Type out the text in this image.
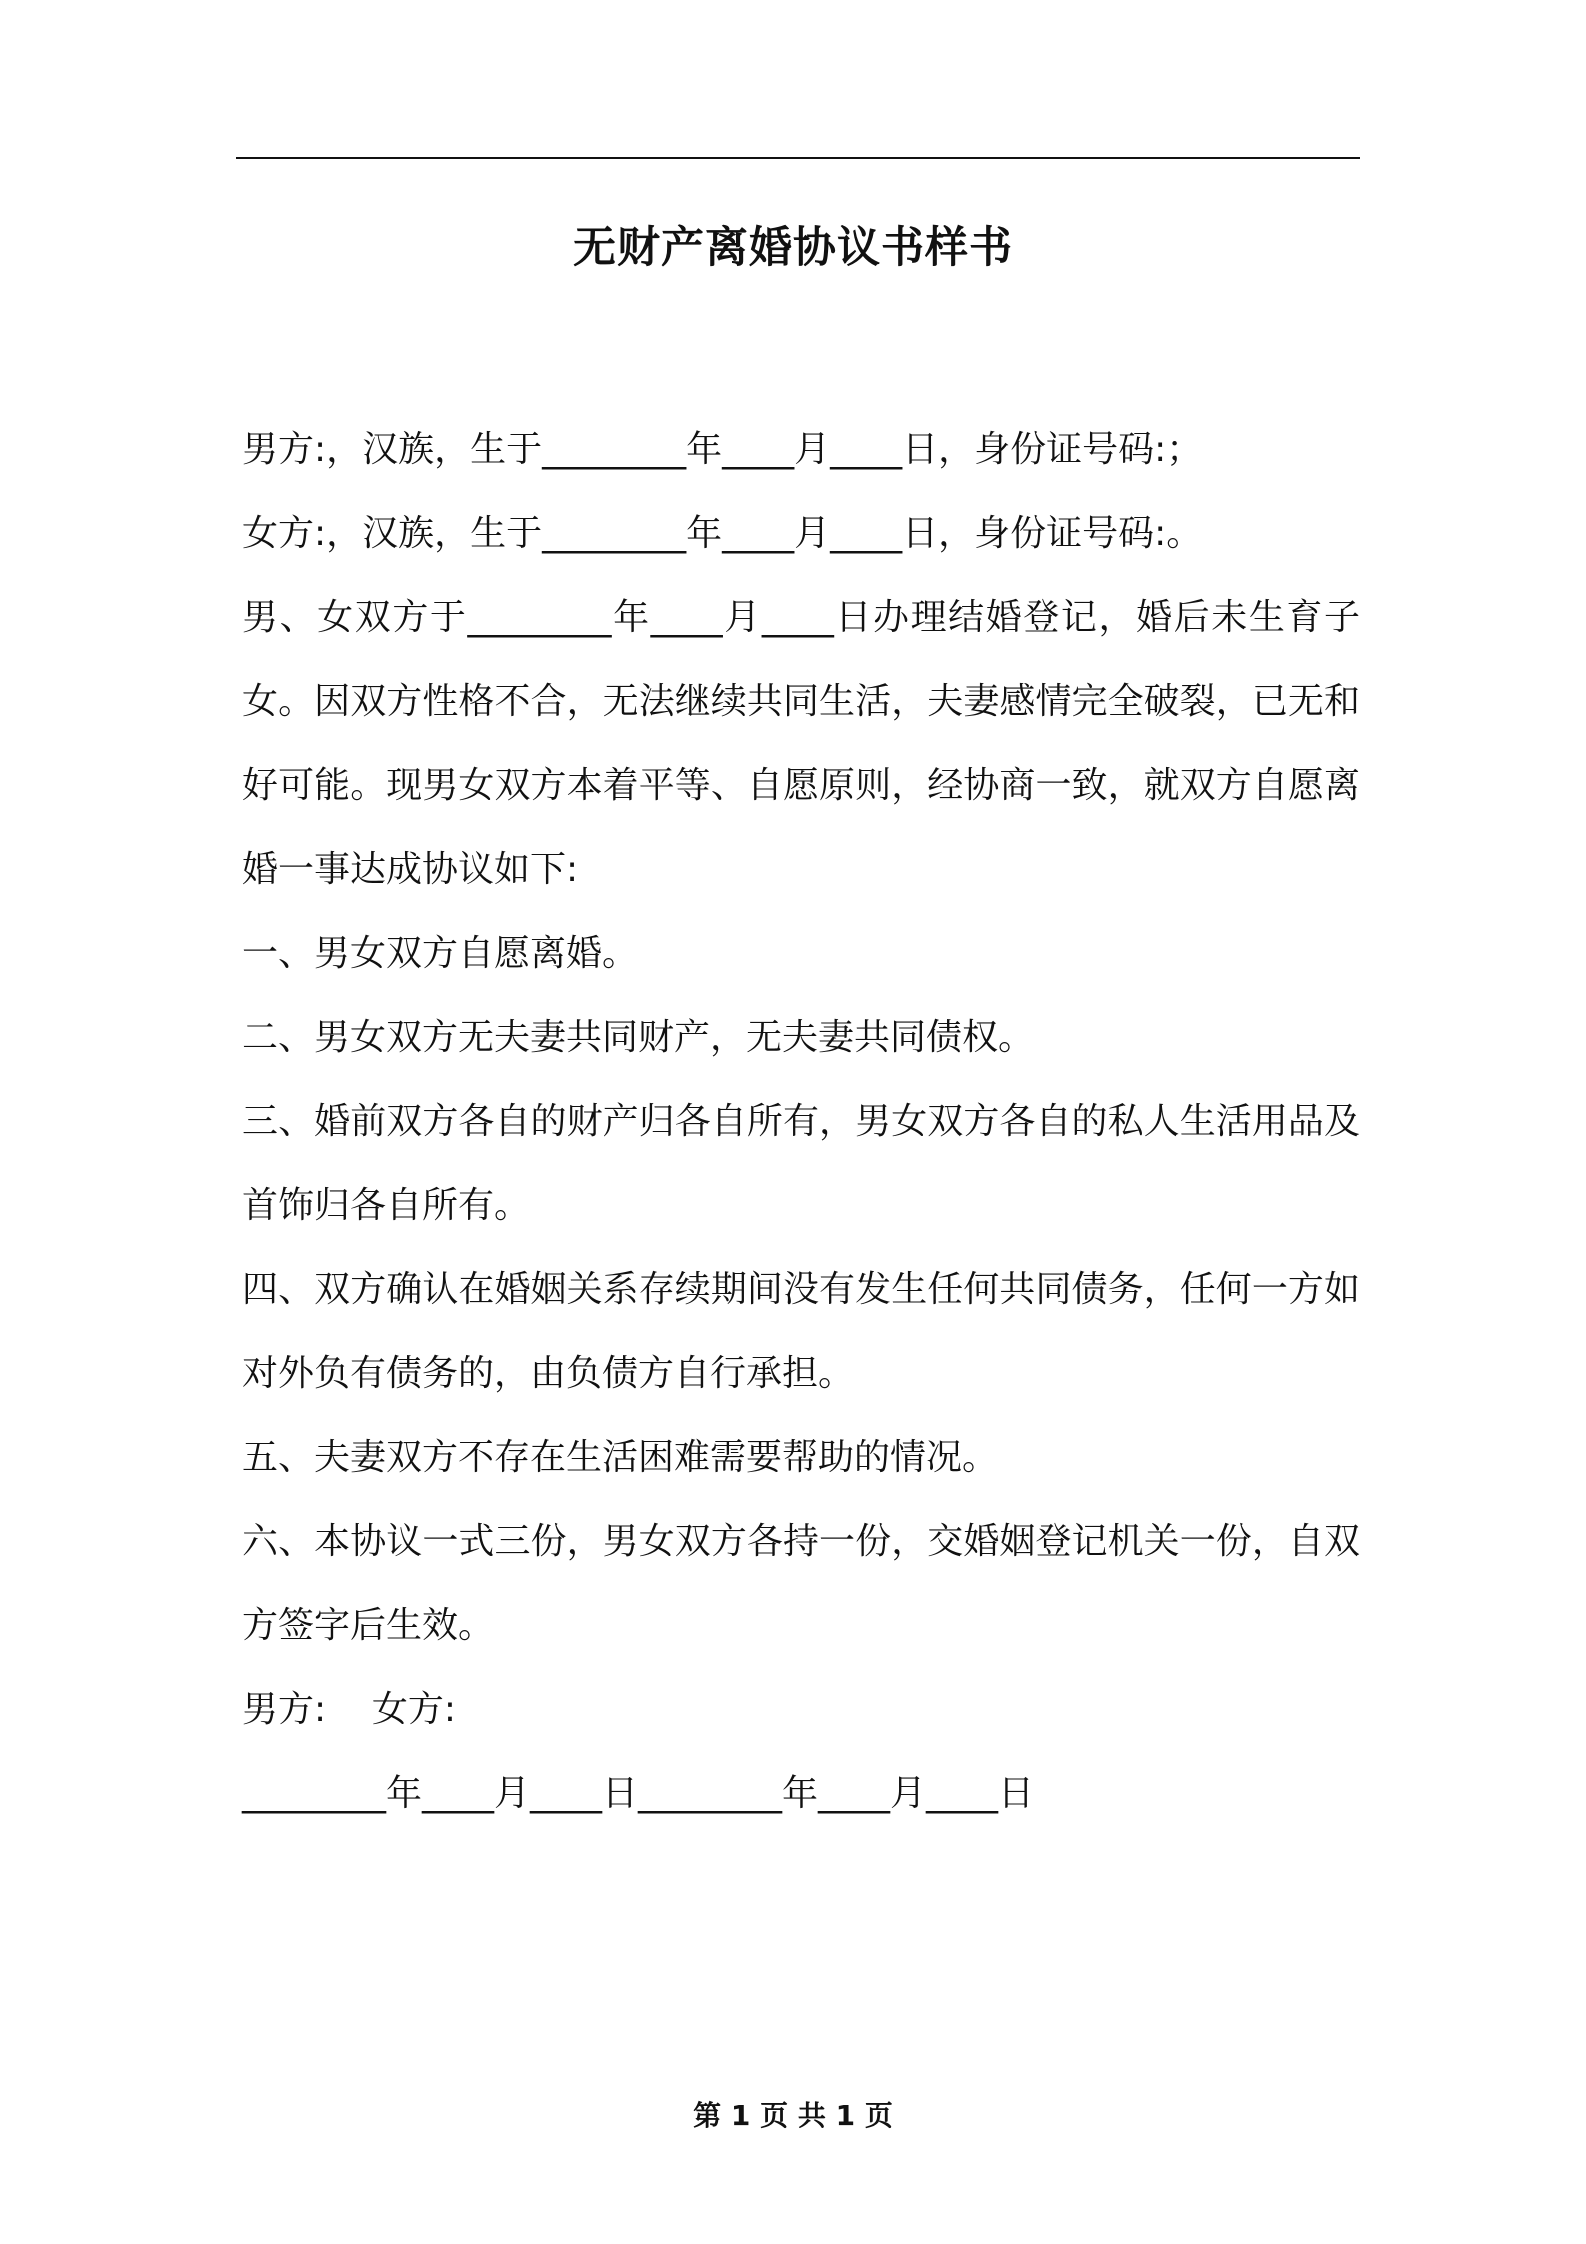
无财产离婚协议书样书

男方:，汉族，生于________年____月____日，身份证号码:；

女方:，汉族，生于________年____月____日，身份证号码:。

男、女双方于________年____月____日办理结婚登记，婚后未生育子女。因双方性格不合，无法继续共同生活，夫妻感情完全破裂，已无和好可能。现男女双方本着平等、自愿原则，经协商一致，就双方自愿离婚一事达成协议如下:

一、男女双方自愿离婚。

二、男女双方无夫妻共同财产，无夫妻共同债权。

三、婚前双方各自的财产归各自所有，男女双方各自的私人生活用品及首饰归各自所有。

四、双方确认在婚姻关系存续期间没有发生任何共同债务，任何一方如对外负有债务的，由负债方自行承担。

五、夫妻双方不存在生活困难需要帮助的情况。

六、本协议一式三份，男女双方各持一份，交婚姻登记机关一份，自双方签字后生效。

男方:    女方:

________年____月____日________年____月____日

第 1 页 共 1 页
